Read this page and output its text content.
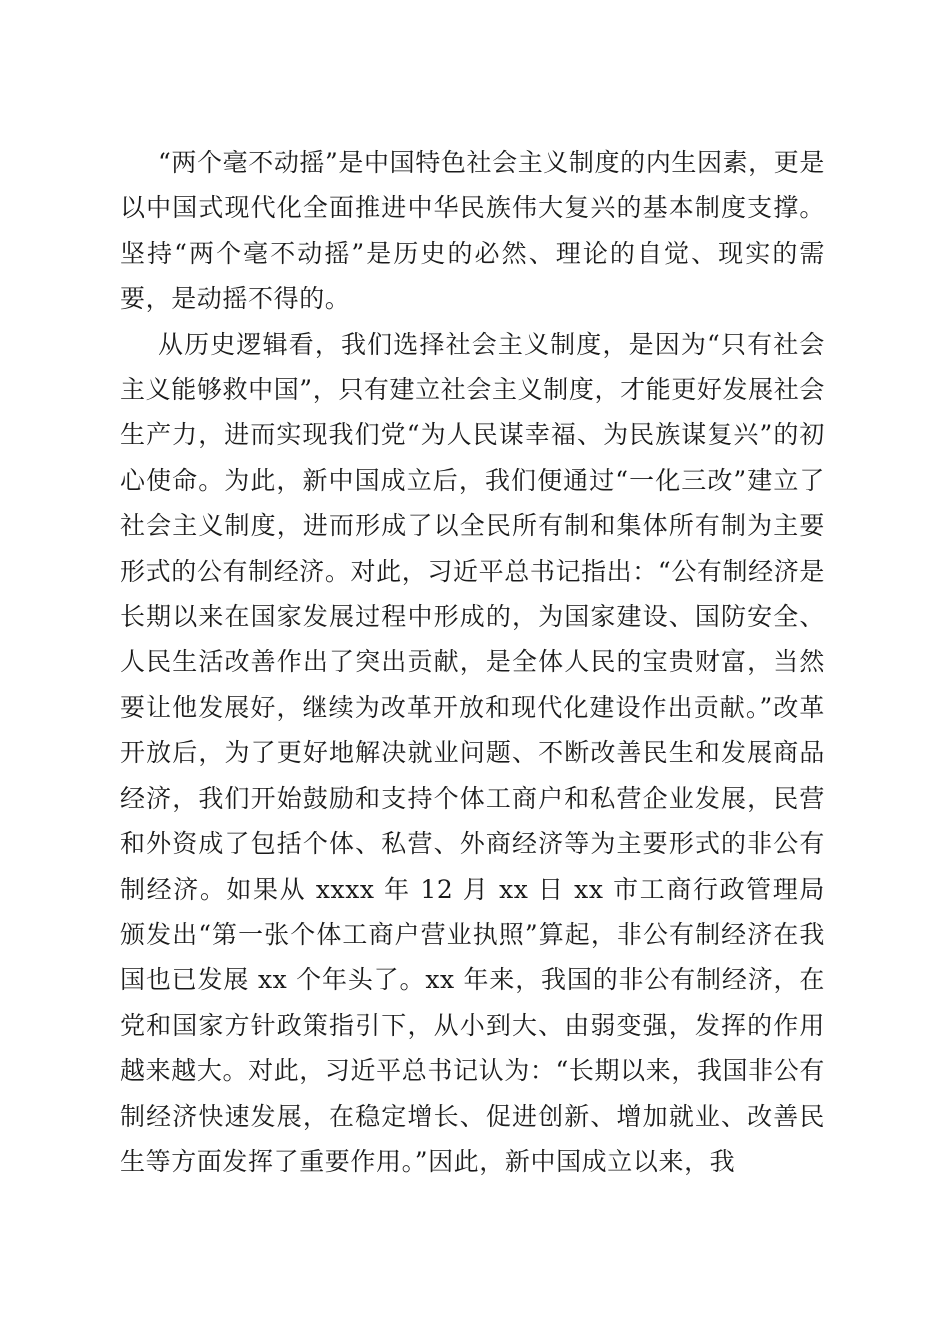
“两个毫不动摇”是中国特色社会主义制度的内生因素，更是以中国式现代化全面推进中华民族伟大复兴的基本制度支撑。坚持“两个毫不动摇”是历史的必然、理论的自觉、现实的需要，是动摇不得的。

从历史逻辑看，我们选择社会主义制度，是因为“只有社会主义能够救中国”，只有建立社会主义制度，才能更好发展社会生产力，进而实现我们党“为人民谋幸福、为民族谋复兴”的初心使命。为此，新中国成立后，我们便通过“一化三改”建立了社会主义制度，进而形成了以全民所有制和集体所有制为主要形式的公有制经济。对此，习近平总书记指出：“公有制经济是长期以来在国家发展过程中形成的，为国家建设、国防安全、人民生活改善作出了突出贡献，是全体人民的宝贵财富，当然要让他发展好，继续为改革开放和现代化建设作出贡献。”改革开放后，为了更好地解决就业问题、不断改善民生和发展商品经济，我们开始鼓励和支持个体工商户和私营企业发展，民营和外资成了包括个体、私营、外商经济等为主要形式的非公有制经济。如果从 xxxx 年 12 月 xx 日 xx 市工商行政管理局颁发出“第一张个体工商户营业执照”算起，非公有制经济在我国也已发展 xx 个年头了。xx 年来，我国的非公有制经济，在党和国家方针政策指引下，从小到大、由弱变强，发挥的作用越来越大。对此，习近平总书记认为：“长期以来，我国非公有制经济快速发展，在稳定增长、促进创新、增加就业、改善民生等方面发挥了重要作用。”因此，新中国成立以来，我
